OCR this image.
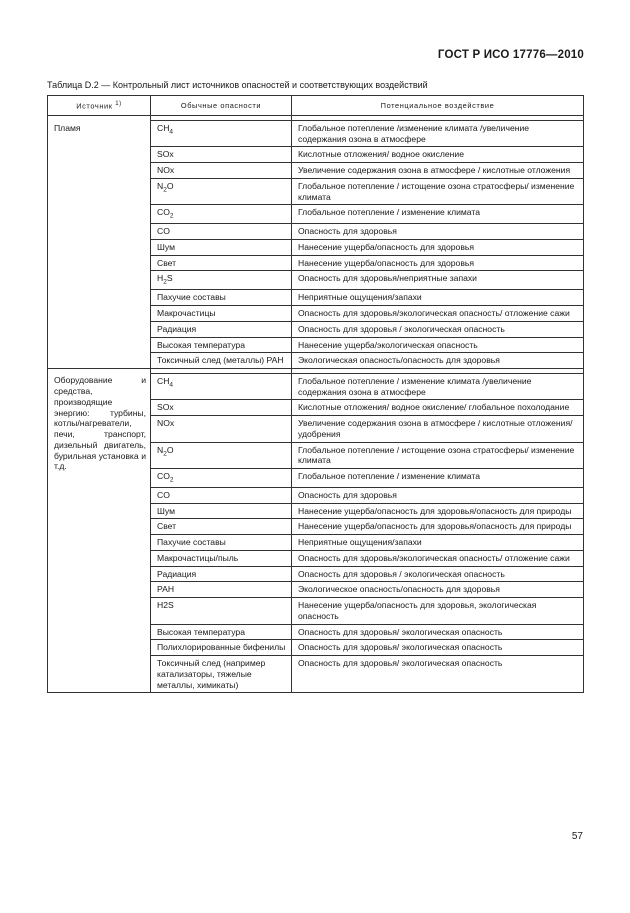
ГОСТ Р ИСО 17776—2010
Таблица D.2 — Контрольный лист источников опасностей и соответствующих воздействий
Источник $^{1)}$	Обычные опасности	Потенциальное воздействие

Пламя	$CH_4$	Глобальное потепление /изменение климата /увеличение содержания озона в атмосфере
	SOx	Кислотные отложения/ водное окисление
	NOx	Увеличение содержания озона в атмосфере / кислотные отложения
	$N_2O$	Глобальное потепление / истощение озона стратосферы/ изменение климата
	$CO_2$	Глобальное потепление / изменение климата
	CO	Опасность для здоровья
	Шум	Нанесение ущерба/опасность для здоровья
	Свет	Нанесение ущерба/опасность для здоровья
	$H_2S$	Опасность для здоровья/неприятные запахи
	Пахучие составы	Неприятные ощущения/запахи
	Макрочастицы	Опасность для здоровья/экологическая опасность/ отложение сажи
	Радиация	Опасность для здоровья / экологическая опасность
	Высокая температура	Нанесение ущерба/экологическая опасность
	Токсичный след (металлы) PAH	Экологическая опасность/опасность для здоровья

Оборудование и средства, производящие энергию: турбины, котлы/нагреватели, печи, транспорт, дизельный двигатель, бурильная установка и т.д.	$CH_4$	Глобальное потепление / изменение климата /увеличение содержания озона в атмосфере
	SOx	Кислотные отложения/ водное окисление/ глобальное похолодание
	NOx	Увеличение содержания озона в атмосфере / кислотные отложения/удобрения
	$N_2O$	Глобальное потепление / истощение озона стратосферы/ изменение климата
	$CO_2$	Глобальное потепление / изменение климата
	CO	Опасность для здоровья
	Шум	Нанесение ущерба/опасность для здоровья/опасность для природы
	Свет	Нанесение ущерба/опасность для здоровья/опасность для природы
	Пахучие составы	Неприятные ощущения/запахи
	Макрочастицы/пыль	Опасность для здоровья/экологическая опасность/ отложение сажи
	Радиация	Опасность для здоровья / экологическая опасность
	PAH	Экологическое опасность/опасность для здоровья
	H2S	Нанесение ущерба/опасность для здоровья, экологическая опасность
	Высокая температура	Опасность для здоровья/ экологическая опасность
	Полихлорированные бифенилы	Опасность для здоровья/ экологическая опасность
	Токсичный след (например катализаторы, тяжелые металлы, химикаты)	Опасность для здоровья/ экологическая опасность
57
